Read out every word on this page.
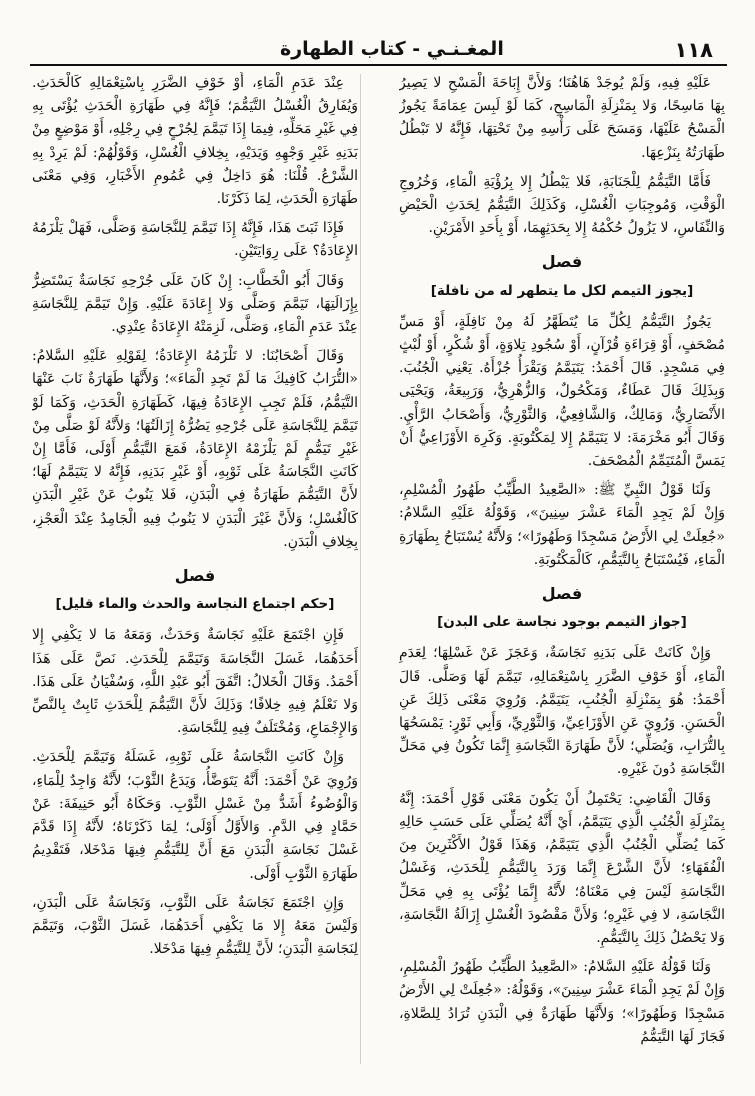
١١٨
المغـنـي - كتاب الطهارة

عَلَيْهِ فِيهِ، وَلَمْ يُوجَدْ هَاهُنَا؛ وَلأَنَّ إِبَاحَةَ الْمَسْحِ لا يَصِيرُ بِهَا مَاسِحًا، وَلا بِمَنْزِلَةِ الْمَاسِحِ، كَمَا لَوْ لَبِسَ عِمَامَةً يَجُوزُ الْمَسْحُ عَلَيْهَا، وَمَسَحَ عَلَى رَأْسِهِ مِنْ تَحْتِهَا، فَإِنَّهُ لا تَبْطُلُ طَهَارَتُهُ بِنَزْعِهَا.

فَأَمَّا التَّيَمُّمُ لِلْجَنَابَةِ، فَلا يَبْطُلُ إِلا بِرُؤْيَةِ الْمَاءِ، وَخُرُوجِ الْوَقْتِ، وَمُوجِبَاتِ الْغُسْلِ، وَكَذَلِكَ التَّيَمُّمُ لِحَدَثِ الْحَيْضِ وَالنِّفَاسِ، لا يَزُولُ حُكْمُهُ إِلا بِحَدَثِهِمَا، أَوْ بِأَحَدِ الأَمْرَيْنِ.

فصل
[يجوز التيمم لكل ما يتطهر له من نافلة]

يَجُوزُ التَّيَمُّمُ لِكُلِّ مَا يُتَطَهَّرُ لَهُ مِنْ نَافِلَةٍ، أَوْ مَسِّ مُصْحَفٍ، أَوْ قِرَاءَةِ قُرْآنٍ، أَوْ سُجُودِ تِلاوَةٍ، أَوْ شُكْرٍ، أَوْ لُبْثٍ فِي مَسْجِدٍ. قَالَ أَحْمَدُ: يَتَيَمَّمُ وَيَقْرَأُ جُزْأَهُ. يَعْنِي الْجُنُبَ. وَبِذَلِكَ قَالَ عَطَاءٌ، وَمَكْحُولٌ، وَالزُّهْرِيُّ، وَرَبِيعَةُ، وَيَحْيَى الأَنْصَارِيُّ، وَمَالِكٌ، وَالشَّافِعِيُّ، وَالثَّوْرِيُّ، وَأَصْحَابُ الرَّأْيِ. وَقَالَ أَبُو مَخْرَمَةَ: لا يَتَيَمَّمُ إِلا لِمَكْتُوبَةٍ. وَكَرِهَ الأَوْزَاعِيُّ أَنْ يَمَسَّ الْمُتَيَمِّمُ الْمُصْحَفَ.

وَلَنَا قَوْلُ النَّبِيِّ ﷺ: «الصَّعِيدُ الطَّيِّبُ طَهُورُ الْمُسْلِمِ، وَإِنْ لَمْ يَجِدِ الْمَاءَ عَشْرَ سِنِينَ»، وَقَوْلُهُ عَلَيْهِ السَّلامُ: «جُعِلَتْ لِي الأَرْضُ مَسْجِدًا وَطَهُورًا»؛ وَلأَنَّهُ يُسْتَبَاحُ بِطَهَارَةِ الْمَاءِ، فَيُسْتَبَاحُ بِالتَّيَمُّمِ، كَالْمَكْتُوبَةِ.

فصل
[جواز التيمم بوجود نجاسة على البدن]

وَإِنْ كَانَتْ عَلَى بَدَنِهِ نَجَاسَةٌ، وَعَجَزَ عَنْ غَسْلِهَا؛ لِعَدَمِ الْمَاءِ، أَوْ خَوْفِ الضَّرَرِ بِاسْتِعْمَالِهِ، تَيَمَّمَ لَهَا وَصَلَّى. قَالَ أَحْمَدُ: هُوَ بِمَنْزِلَةِ الْجُنُبِ، يَتَيَمَّمُ. وَرُوِيَ مَعْنَى ذَلِكَ عَنِ الْحَسَنِ. وَرُوِيَ عَنِ الأَوْزَاعِيِّ، وَالثَّوْرِيِّ، وَأَبِي ثَوْرٍ: يَمْسَحُهَا بِالتُّرَابِ، وَيُصَلِّي؛ لأَنَّ طَهَارَةَ النَّجَاسَةِ إِنَّمَا تَكُونُ فِي مَحَلِّ النَّجَاسَةِ دُونَ غَيْرِهِ.

وَقَالَ الْقَاضِي: يَحْتَمِلُ أَنْ يَكُونَ مَعْنَى قَوْلِ أَحْمَدَ: إِنَّهُ بِمَنْزِلَةِ الْجُنُبِ الَّذِي يَتَيَمَّمُ، أَيْ أَنَّهُ يُصَلِّي عَلَى حَسَبِ حَالِهِ كَمَا يُصَلِّي الْجُنُبُ الَّذِي يَتَيَمَّمُ، وَهَذَا قَوْلُ الأَكْثَرِينَ مِنَ الْفُقَهَاءِ؛ لأَنَّ الشَّرْعَ إِنَّمَا وَرَدَ بِالتَّيَمُّمِ لِلْحَدَثِ، وَغَسْلُ النَّجَاسَةِ لَيْسَ فِي مَعْنَاهُ؛ لأَنَّهُ إِنَّمَا يُؤْتَى بِهِ فِي مَحَلِّ النَّجَاسَةِ، لا فِي غَيْرِهِ؛ وَلأَنَّ مَقْصُودَ الْغُسْلِ إِزَالَةُ النَّجَاسَةِ، وَلا يَحْصُلُ ذَلِكَ بِالتَّيَمُّمِ.

وَلَنَا قَوْلُهُ عَلَيْهِ السَّلامُ: «الصَّعِيدُ الطَّيِّبُ طَهُورُ الْمُسْلِمِ، وَإِنْ لَمْ يَجِدِ الْمَاءَ عَشْرَ سِنِينَ»، وَقَوْلُهُ: «جُعِلَتْ لِي الأَرْضُ مَسْجِدًا وَطَهُورًا»؛ وَلأَنَّهَا طَهَارَةٌ فِي الْبَدَنِ تُرَادُ لِلصَّلاةِ، فَجَازَ لَهَا التَّيَمُّمُ

عِنْدَ عَدَمِ الْمَاءِ، أَوْ خَوْفِ الضَّرَرِ بِاسْتِعْمَالِهِ كَالْحَدَثِ. وَيُفَارِقُ الْغُسْلُ التَّيَمُّمَ؛ فَإِنَّهُ فِي طَهَارَةِ الْحَدَثِ يُؤْتَى بِهِ فِي غَيْرِ مَحَلِّهِ، فِيمَا إِذَا تَيَمَّمَ لِجُرْحٍ فِي رِجْلِهِ، أَوْ مَوْضِعٍ مِنْ بَدَنِهِ غَيْرِ وَجْهِهِ وَيَدَيْهِ، بِخِلافِ الْغُسْلِ، وَقَوْلُهُمْ: لَمْ يَرِدْ بِهِ الشَّرْعُ. قُلْنَا: هُوَ دَاخِلٌ فِي عُمُومِ الأَخْبَارِ، وَفِي مَعْنَى طَهَارَةِ الْحَدَثِ، لِمَا ذَكَرْنَا.

فَإِذَا ثَبَتَ هَذَا، فَإِنَّهُ إِذَا تَيَمَّمَ لِلنَّجَاسَةِ وَصَلَّى، فَهَلْ يَلْزَمُهُ الإِعَادَةُ؟ عَلَى رِوَايَتَيْنِ.

وَقَالَ أَبُو الْخَطَّابِ: إِنْ كَانَ عَلَى جُرْحِهِ نَجَاسَةٌ يَسْتَضِرُّ بِإِزَالَتِهَا، تَيَمَّمَ وَصَلَّى وَلا إِعَادَةَ عَلَيْهِ. وَإِنْ تَيَمَّمَ لِلنَّجَاسَةِ عِنْدَ عَدَمِ الْمَاءِ، وَصَلَّى، لَزِمَتْهُ الإِعَادَةُ عِنْدِي.

وَقَالَ أَصْحَابُنَا: لا تَلْزَمُهُ الإِعَادَةُ؛ لِقَوْلِهِ عَلَيْهِ السَّلامُ: «التُّرَابُ كَافِيكَ مَا لَمْ تَجِدِ الْمَاءَ»؛ وَلأَنَّهَا طَهَارَةٌ نَابَ عَنْهَا التَّيَمُّمُ، فَلَمْ تَجِبِ الإِعَادَةُ فِيهَا، كَطَهَارَةِ الْحَدَثِ، وَكَمَا لَوْ تَيَمَّمَ لِلنَّجَاسَةِ عَلَى جُرْحِهِ يَضُرُّهُ إِزَالَتُهَا؛ وَلأَنَّهُ لَوْ صَلَّى مِنْ غَيْرِ تَيَمُّمٍ لَمْ يَلْزَمْهُ الإِعَادَةُ، فَمَعَ التَّيَمُّمِ أَوْلَى، فَأَمَّا إِنْ كَانَتِ النَّجَاسَةُ عَلَى ثَوْبِهِ، أَوْ غَيْرِ بَدَنِهِ، فَإِنَّهُ لا يَتَيَمَّمُ لَهَا؛ لأَنَّ التَّيَمُّمَ طَهَارَةٌ فِي الْبَدَنِ، فَلا يَنُوبُ عَنْ غَيْرِ الْبَدَنِ كَالْغُسْلِ؛ وَلأَنَّ غَيْرَ الْبَدَنِ لا يَنُوبُ فِيهِ الْجَامِدُ عِنْدَ الْعَجْزِ، بِخِلافِ الْبَدَنِ.

فصل
[حكم اجتماع النجاسة والحدث والماء قليل]

فَإِنِ اجْتَمَعَ عَلَيْهِ نَجَاسَةٌ وَحَدَثٌ، وَمَعَهُ مَا لا يَكْفِي إِلا أَحَدَهُمَا، غَسَلَ النَّجَاسَةَ وَتَيَمَّمَ لِلْحَدَثِ. نَصَّ عَلَى هَذَا أَحْمَدُ. وَقَالَ الْخَلالُ: اتَّفَقَ أَبُو عَبْدِ اللَّهِ، وَسُفْيَانُ عَلَى هَذَا. وَلا نَعْلَمُ فِيهِ خِلافًا؛ وَذَلِكَ لأَنَّ التَّيَمُّمَ لِلْحَدَثِ ثَابِتٌ بِالنَّصِّ وَالإِجْمَاعِ، وَمُخْتَلَفٌ فِيهِ لِلنَّجَاسَةِ.

وَإِنْ كَانَتِ النَّجَاسَةُ عَلَى ثَوْبِهِ، غَسَلَهُ وَتَيَمَّمَ لِلْحَدَثِ. وَرُوِيَ عَنْ أَحْمَدَ: أَنَّهُ يَتَوَضَّأُ، وَيَدَعُ الثَّوْبَ؛ لأَنَّهُ وَاجِدٌ لِلْمَاءِ، وَالْوُضُوءُ أَشَدُّ مِنْ غَسْلِ الثَّوْبِ. وَحَكَاهُ أَبُو حَنِيفَةَ: عَنْ حَمَّادٍ فِي الدَّمِ. وَالأَوَّلُ أَوْلَى؛ لِمَا ذَكَرْنَاهُ؛ لأَنَّهُ إِذَا قَدَّمَ غَسْلَ نَجَاسَةِ الْبَدَنِ مَعَ أَنَّ لِلتَّيَمُّمِ فِيهَا مَدْخَلا، فَتَقْدِيمُ طَهَارَةِ الثَّوْبِ أَوْلَى.

وَإِنِ اجْتَمَعَ نَجَاسَةٌ عَلَى الثَّوْبِ، وَنَجَاسَةٌ عَلَى الْبَدَنِ، وَلَيْسَ مَعَهُ إِلا مَا يَكْفِي أَحَدَهُمَا، غَسَلَ الثَّوْبَ، وَتَيَمَّمَ لِنَجَاسَةِ الْبَدَنِ؛ لأَنَّ لِلتَّيَمُّمِ فِيهَا مَدْخَلا.
